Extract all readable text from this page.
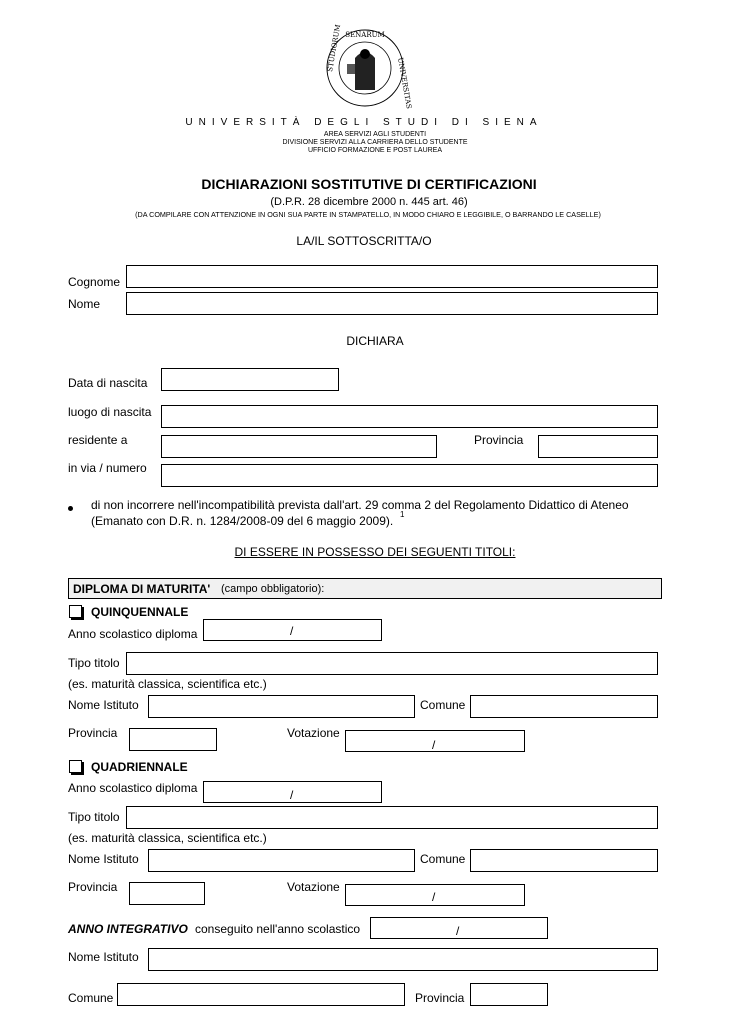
SENARUM
STUDIORUM
UNIVERSITAS
UNIVERSITÀ DEGLI STUDI DI SIENA
AREA SERVIZI AGLI STUDENTI
DIVISIONE SERVIZI ALLA CARRIERA DELLO STUDENTE
UFFICIO FORMAZIONE E POST LAUREA
DICHIARAZIONI SOSTITUTIVE DI CERTIFICAZIONI
(D.P.R. 28 dicembre 2000 n. 445 art. 46)
(DA COMPILARE CON ATTENZIONE IN OGNI SUA PARTE IN STAMPATELLO, IN MODO CHIARO E LEGGIBILE, O BARRANDO LE CASELLE)
LA/IL SOTTOSCRITTA/O
Cognome
Nome
DICHIARA
Data di nascita
luogo di nascita
residente a	Provincia
in via / numero
di non incorrere nell'incompatibilità prevista dall'art. 29 comma 2 del Regolamento Didattico di Ateneo
(Emanato con D.R. n. 1284/2008-09 del 6 maggio 2009). 1
DI ESSERE IN POSSESSO DEI SEGUENTI TITOLI:
DIPLOMA DI MATURITA' (campo obbligatorio):
QUINQUENNALE
Anno scolastico diploma	/
Tipo titolo
(es. maturità classica, scientifica etc.)
Nome Istituto	Comune
Provincia	Votazione
/
QUADRIENNALE
Anno scolastico diploma	/
Tipo titolo
(es. maturità classica, scientifica etc.)
Nome Istituto	Comune
Provincia	Votazione
/
ANNO INTEGRATIVO conseguito nell'anno scolastico	/
Nome Istituto
Comune	Provincia
